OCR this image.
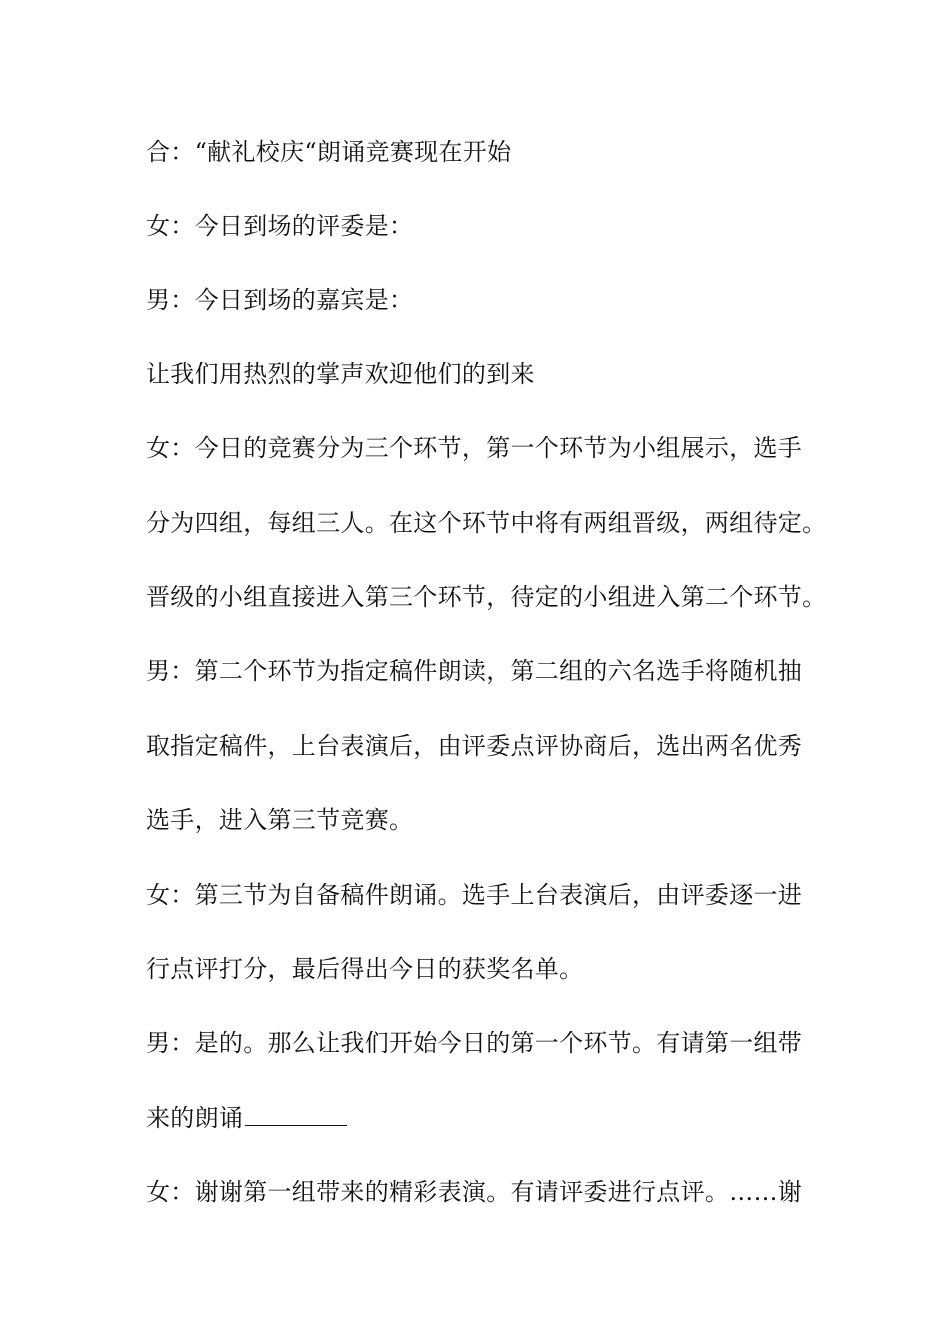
合：“献礼校庆“朗诵竞赛现在开始
女：今日到场的评委是：
男：今日到场的嘉宾是：
让我们用热烈的掌声欢迎他们的到来
女：今日的竞赛分为三个环节，第一个环节为小组展示，选手
分为四组，每组三人。在这个环节中将有两组晋级，两组待定。
晋级的小组直接进入第三个环节，待定的小组进入第二个环节。
男：第二个环节为指定稿件朗读，第二组的六名选手将随机抽
取指定稿件，上台表演后，由评委点评协商后，选出两名优秀
选手，进入第三节竞赛。
女：第三节为自备稿件朗诵。选手上台表演后，由评委逐一进
行点评打分，最后得出今日的获奖名单。
男：是的。那么让我们开始今日的第一个环节。有请第一组带
来的朗诵
女：谢谢第一组带来的精彩表演。有请评委进行点评。……谢
